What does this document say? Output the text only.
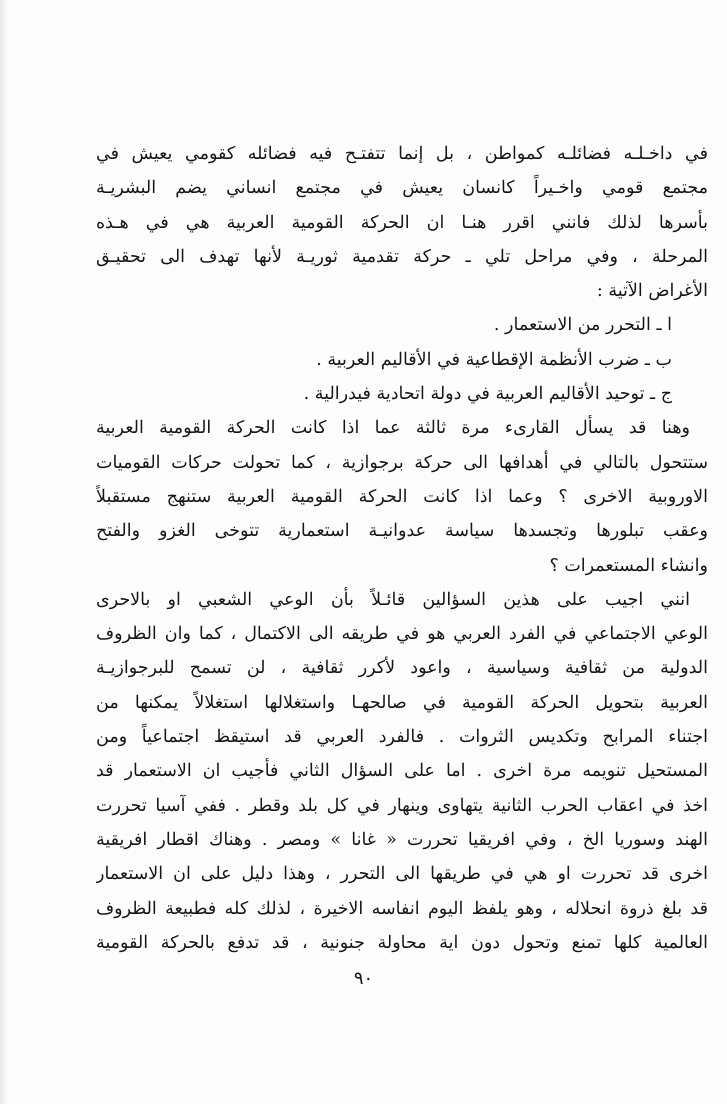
في داخـلـه فضائلـه كمواطن ، بل إنما تتفتـح فيه فضائله كقومي يعيش في
مجتمع قومي واخـيراً كانسان يعيش في مجتمع انساني يضم البشريـة
بأسرها لذلك فانني اقرر هنـا ان الحركة القومية العربية هي في هـذه
المرحلة ، وفي مراحل تلي ـ حركة تقدمية ثوريـة لأنها تهدف الى تحقيـق
الأغراض الآتية :
ا ـ التحرر من الاستعمار .
ب ـ ضرب الأنظمة الإقطاعية في الأقاليم العربية .
ج ـ توحيد الأقاليم العربية في دولة اتحادية فيدرالية .
وهنا قد يسأل القارىء مرة ثالثة عما اذا كانت الحركة القومية العربية
ستتحول بالتالي في أهدافها الى حركة برجوازية ، كما تحولت حركات القوميات
الاوروبية الاخرى ؟ وعما اذا كانت الحركة القومية العربية ستنهج مستقبلاً
وعقب تبلورها وتجسدها سياسة عدوانيـة استعمارية تتوخى الغزو والفتح
وانشاء المستعمرات ؟
انني اجيب على هذين السؤالين قائـلاً بأن الوعي الشعبي او بالاحرى
الوعي الاجتماعي في الفرد العربي هو في طريقه الى الاكتمال ، كما وان الظروف
الدولية من ثقافية وسياسية ، واعود لأكرر ثقافية ، لن تسمح للبرجوازيـة
العربية بتحويل الحركة القومية في صالحهـا واستغلالها استغلالاً يمكنها من
اجتناء المرابح وتكديس الثروات . فالفرد العربي قد استيقظ اجتماعياً ومن
المستحيل تنويمه مرة اخرى . اما على السؤال الثاني فأجيب ان الاستعمار قد
اخذ في اعقاب الحرب الثانية يتهاوى وينهار في كل بلد وقطر . ففي آسيا تحررت
الهند وسوريا الخ ، وفي افريقيا تحررت « غانا » ومصر . وهناك اقطار افريقية
اخرى قد تحررت او هي في طريقها الى التحرر ، وهذا دليل على ان الاستعمار
قد بلغ ذروة انحلاله ، وهو يلفظ اليوم انفاسه الاخيرة ، لذلك كله فطبيعة الظروف
العالمية كلها تمنع وتحول دون اية محاولة جنونية ، قد تدفع بالحركة القومية
٩٠
